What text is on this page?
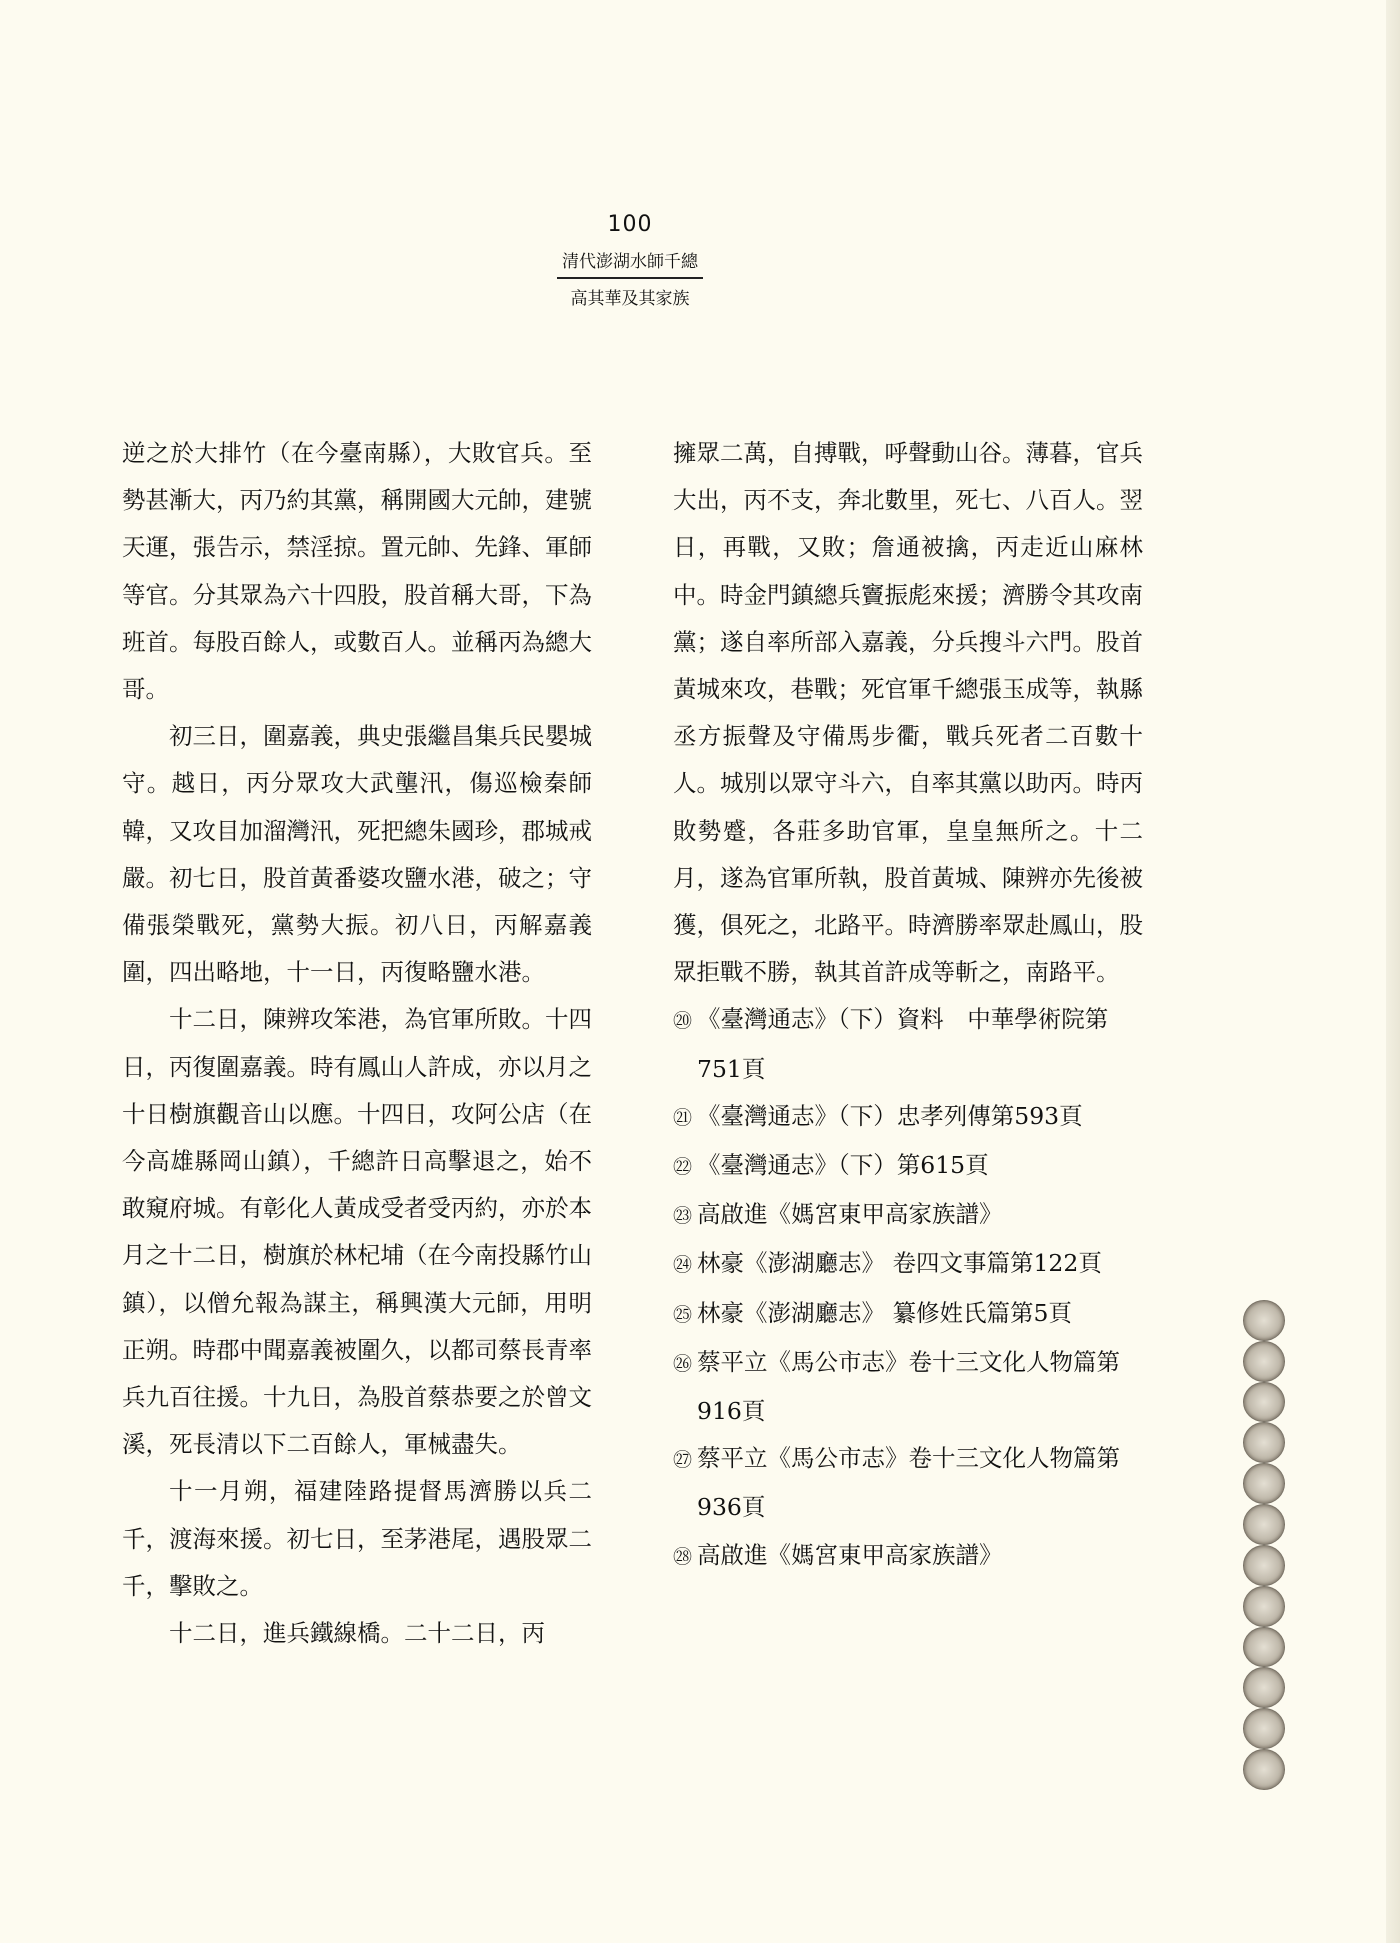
100
清代澎湖水師千總
高其華及其家族

逆之於大排竹（在今臺南縣），大敗官兵。至勢甚漸大，丙乃約其黨，稱開國大元帥，建號天運，張告示，禁淫掠。置元帥、先鋒、軍師等官。分其眾為六十四股，股首稱大哥，下為班首。每股百餘人，或數百人。並稱丙為總大哥。

初三日，圍嘉義，典史張繼昌集兵民嬰城守。越日，丙分眾攻大武壟汛，傷巡檢秦師韓，又攻目加溜灣汛，死把總朱國珍，郡城戒嚴。初七日，股首黃番婆攻鹽水港，破之；守備張榮戰死，黨勢大振。初八日，丙解嘉義圍，四出略地，十一日，丙復略鹽水港。

十二日，陳辨攻笨港，為官軍所敗。十四日，丙復圍嘉義。時有鳳山人許成，亦以月之十日樹旗觀音山以應。十四日，攻阿公店（在今高雄縣岡山鎮），千總許日高擊退之，始不敢窺府城。有彰化人黃成受者受丙約，亦於本月之十二日，樹旗於林杞埔（在今南投縣竹山鎮），以僧允報為謀主，稱興漢大元師，用明正朔。時郡中聞嘉義被圍久，以都司蔡長青率兵九百往援。十九日，為股首蔡恭要之於曾文溪，死長清以下二百餘人，軍械盡失。

十一月朔，福建陸路提督馬濟勝以兵二千，渡海來援。初七日，至茅港尾，遇股眾二千，擊敗之。

十二日，進兵鐵線橋。二十二日，丙

擁眾二萬，自搏戰，呼聲動山谷。薄暮，官兵大出，丙不支，奔北數里，死七、八百人。翌日，再戰，又敗；詹通被擒，丙走近山麻林中。時金門鎮總兵竇振彪來援；濟勝令其攻南黨；遂自率所部入嘉義，分兵搜斗六門。股首黃城來攻，巷戰；死官軍千總張玉成等，執縣丞方振聲及守備馬步衢，戰兵死者二百數十人。城別以眾守斗六，自率其黨以助丙。時丙敗勢蹙，各莊多助官軍，皇皇無所之。十二月，遂為官軍所執，股首黃城、陳辨亦先後被獲，俱死之，北路平。時濟勝率眾赴鳳山，股眾拒戰不勝，執其首許成等斬之，南路平。

⑳ 《臺灣通志》（下）資料　中華學術院第751頁

㉑ 《臺灣通志》（下）忠孝列傳第593頁

㉒ 《臺灣通志》（下）第615頁

㉓ 高啟進《媽宮東甲高家族譜》

㉔ 林豪《澎湖廳志》 卷四文事篇第122頁

㉕ 林豪《澎湖廳志》 纂修姓氏篇第5頁

㉖ 蔡平立《馬公市志》卷十三文化人物篇第916頁

㉗ 蔡平立《馬公市志》卷十三文化人物篇第936頁

㉘ 高啟進《媽宮東甲高家族譜》
